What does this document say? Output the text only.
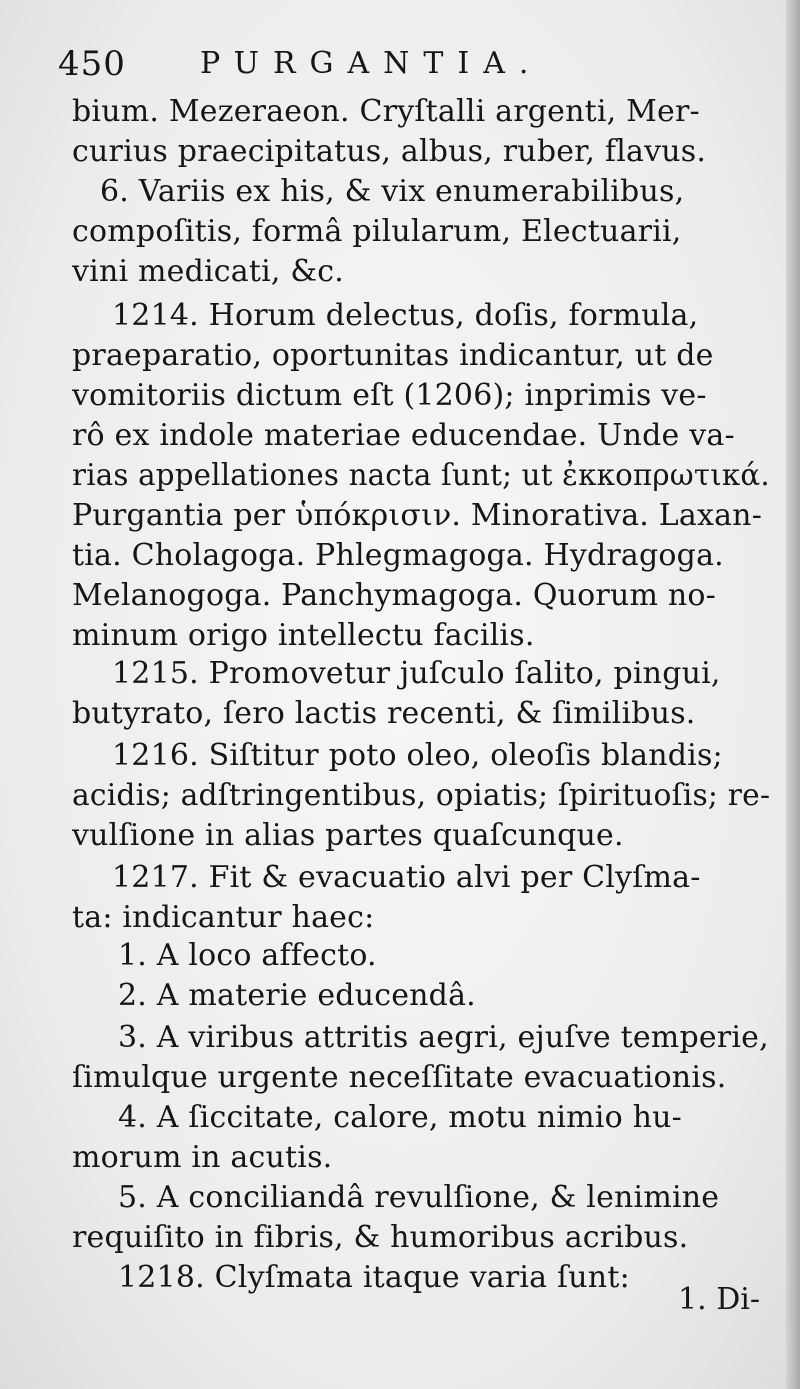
450 PURGANTIA.
bium. Mezeraeon. Cryſtalli argenti, Mer-
curius praecipitatus, albus, ruber, flavus.
6. Variis ex his, & vix enumerabilibus,
compoſitis, formâ pilularum, Electuarii,
vini medicati, &c.
1214. Horum delectus, doſis, formula,
praeparatio, oportunitas indicantur, ut de
vomitoriis dictum eſt (1206); inprimis ve-
rô ex indole materiae educendae. Unde va-
rias appellationes nacta ſunt; ut ἐκκοπρωτικά.
Purgantia per ὑπόκρισιν. Minorativa. Laxan-
tia. Cholagoga. Phlegmagoga. Hydragoga.
Melanogoga. Panchymagoga. Quorum no-
minum origo intellectu facilis.
1215. Promovetur juſculo ſalito, pingui,
butyrato, ſero lactis recenti, & ſimilibus.
1216. Siſtitur poto oleo, oleoſis blandis;
acidis; adſtringentibus, opiatis; ſpirituoſis; re-
vulſione in alias partes quaſcunque.
1217. Fit & evacuatio alvi per Clyſma-
ta: indicantur haec:
1. A loco affecto.
2. A materie educendâ.
3. A viribus attritis aegri, ejuſve temperie,
ſimulque urgente neceſſitate evacuationis.
4. A ſiccitate, calore, motu nimio hu-
morum in acutis.
5. A conciliandâ revulſione, & lenimine
requiſito in fibris, & humoribus acribus.
1218. Clyſmata itaque varia ſunt:
1. Di-
